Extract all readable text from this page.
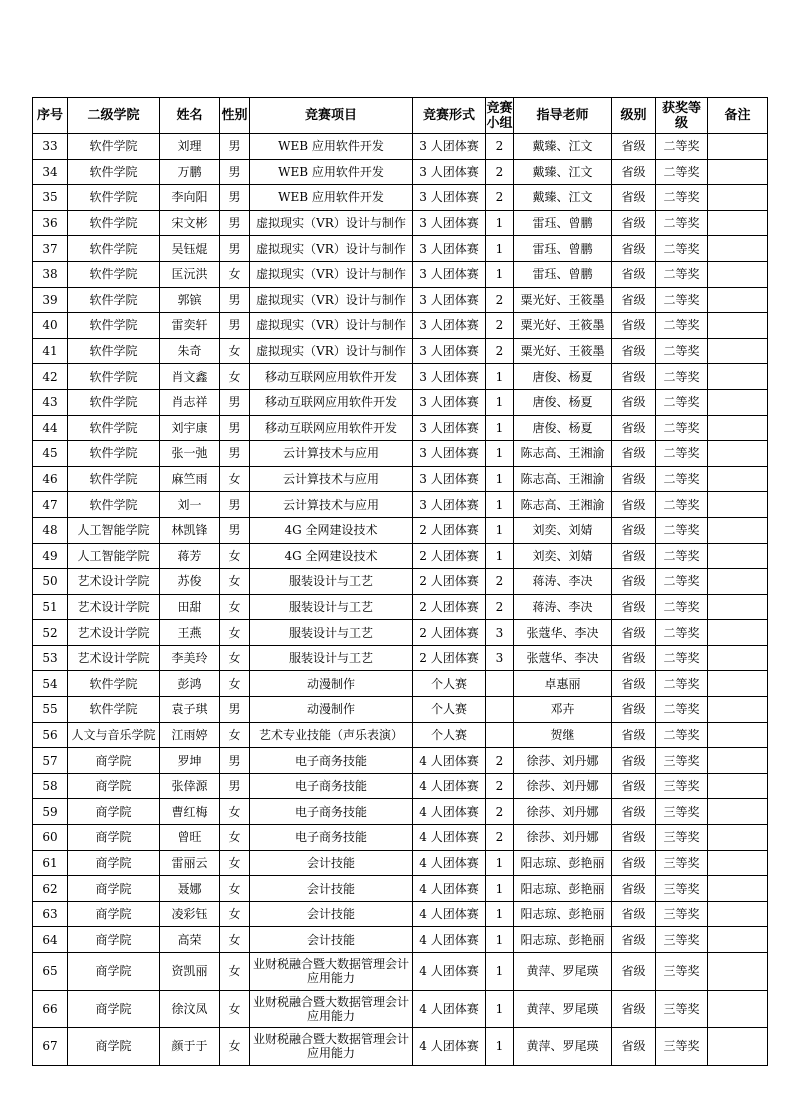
序号	二级学院	姓名	性别	竞赛项目	竞赛形式	竞赛小组	指导老师	级别	获奖等级	备注
33	软件学院	刘理	男	WEB 应用软件开发	3 人团体赛	2	戴臻、江文	省级	二等奖	
34	软件学院	万鹏	男	WEB 应用软件开发	3 人团体赛	2	戴臻、江文	省级	二等奖	
35	软件学院	李向阳	男	WEB 应用软件开发	3 人团体赛	2	戴臻、江文	省级	二等奖	
36	软件学院	宋文彬	男	虚拟现实（VR）设计与制作	3 人团体赛	1	雷珏、曾鹏	省级	二等奖	
37	软件学院	吴钰焜	男	虚拟现实（VR）设计与制作	3 人团体赛	1	雷珏、曾鹏	省级	二等奖	
38	软件学院	匡沅洪	女	虚拟现实（VR）设计与制作	3 人团体赛	1	雷珏、曾鹏	省级	二等奖	
39	软件学院	郭镔	男	虚拟现实（VR）设计与制作	3 人团体赛	2	粟光好、王筱墨	省级	二等奖	
40	软件学院	雷奕轩	男	虚拟现实（VR）设计与制作	3 人团体赛	2	粟光好、王筱墨	省级	二等奖	
41	软件学院	朱奇	女	虚拟现实（VR）设计与制作	3 人团体赛	2	粟光好、王筱墨	省级	二等奖	
42	软件学院	肖文鑫	女	移动互联网应用软件开发	3 人团体赛	1	唐俊、杨夏	省级	二等奖	
43	软件学院	肖志祥	男	移动互联网应用软件开发	3 人团体赛	1	唐俊、杨夏	省级	二等奖	
44	软件学院	刘宇康	男	移动互联网应用软件开发	3 人团体赛	1	唐俊、杨夏	省级	二等奖	
45	软件学院	张一弛	男	云计算技术与应用	3 人团体赛	1	陈志高、王湘渝	省级	二等奖	
46	软件学院	麻竺雨	女	云计算技术与应用	3 人团体赛	1	陈志高、王湘渝	省级	二等奖	
47	软件学院	刘一	男	云计算技术与应用	3 人团体赛	1	陈志高、王湘渝	省级	二等奖	
48	人工智能学院	林凯锋	男	4G 全网建设技术	2 人团体赛	1	刘奕、刘婧	省级	二等奖	
49	人工智能学院	蒋芳	女	4G 全网建设技术	2 人团体赛	1	刘奕、刘婧	省级	二等奖	
50	艺术设计学院	苏俊	女	服装设计与工艺	2 人团体赛	2	蒋涛、李决	省级	二等奖	
51	艺术设计学院	田甜	女	服装设计与工艺	2 人团体赛	2	蒋涛、李决	省级	二等奖	
52	艺术设计学院	王燕	女	服装设计与工艺	2 人团体赛	3	张蔻华、李决	省级	二等奖	
53	艺术设计学院	李美玲	女	服装设计与工艺	2 人团体赛	3	张蔻华、李决	省级	二等奖	
54	软件学院	彭鸿	女	动漫制作	个人赛		卓惠丽	省级	二等奖	
55	软件学院	袁子琪	男	动漫制作	个人赛		邓卉	省级	二等奖	
56	人文与音乐学院	江雨婷	女	艺术专业技能（声乐表演）	个人赛		贺继	省级	二等奖	
57	商学院	罗坤	男	电子商务技能	4 人团体赛	2	徐莎、刘丹娜	省级	三等奖	
58	商学院	张倖源	男	电子商务技能	4 人团体赛	2	徐莎、刘丹娜	省级	三等奖	
59	商学院	曹红梅	女	电子商务技能	4 人团体赛	2	徐莎、刘丹娜	省级	三等奖	
60	商学院	曾旺	女	电子商务技能	4 人团体赛	2	徐莎、刘丹娜	省级	三等奖	
61	商学院	雷丽云	女	会计技能	4 人团体赛	1	阳志琼、彭艳丽	省级	三等奖	
62	商学院	聂娜	女	会计技能	4 人团体赛	1	阳志琼、彭艳丽	省级	三等奖	
63	商学院	凌彩钰	女	会计技能	4 人团体赛	1	阳志琼、彭艳丽	省级	三等奖	
64	商学院	高荣	女	会计技能	4 人团体赛	1	阳志琼、彭艳丽	省级	三等奖	
65	商学院	资凯丽	女	业财税融合暨大数据管理会计应用能力	4 人团体赛	1	黄萍、罗尾瑛	省级	三等奖	
66	商学院	徐汶凤	女	业财税融合暨大数据管理会计应用能力	4 人团体赛	1	黄萍、罗尾瑛	省级	三等奖	
67	商学院	颜于于	女	业财税融合暨大数据管理会计应用能力	4 人团体赛	1	黄萍、罗尾瑛	省级	三等奖	
